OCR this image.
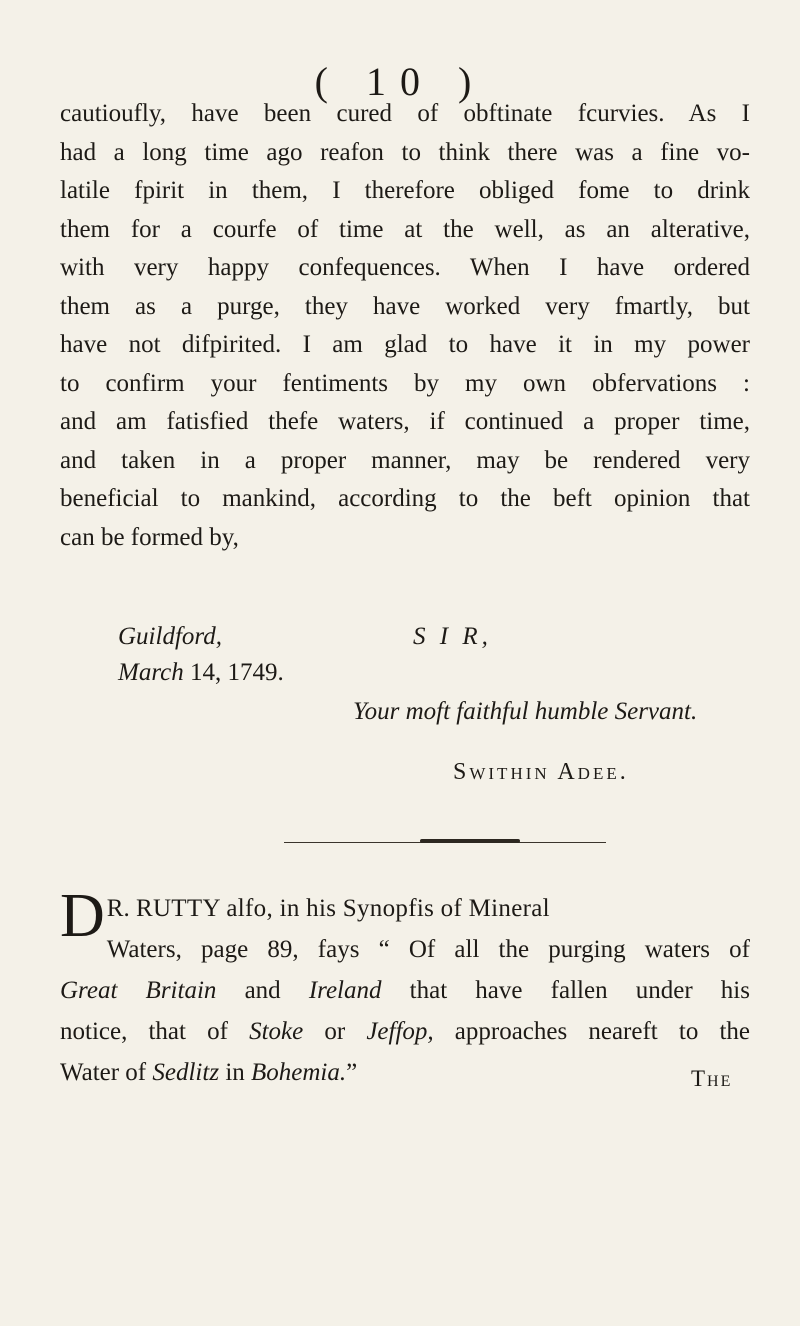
( 10 )
cautioufly, have been cured of obftinate fcurvies. As I
had a long time ago reafon to think there was a fine vo-
latile fpirit in them, I therefore obliged fome to drink
them for a courfe of time at the well, as an alterative,
with very happy confequences. When I have ordered
them as a purge, they have worked very fmartly, but
have not difpirited. I am glad to have it in my power
to confirm your fentiments by my own obfervations :
and am fatisfied thefe waters, if continued a proper time,
and taken in a proper manner, may be rendered very
beneficial to mankind, according to the beft opinion that
can be formed by,
Guildford,
March 14, 1749.
S I R,
Your moft faithful humble Servant.
Swithin Adee.
D R. RUTTY alfo, in his Synopfis of Mineral
Waters, page 89, fays “ Of all the purging waters of
Great Britain and Ireland that have fallen under his
notice, that of Stoke or Jeffop, approaches neareft to the
Water of Sedlitz in Bohemia.”	The
